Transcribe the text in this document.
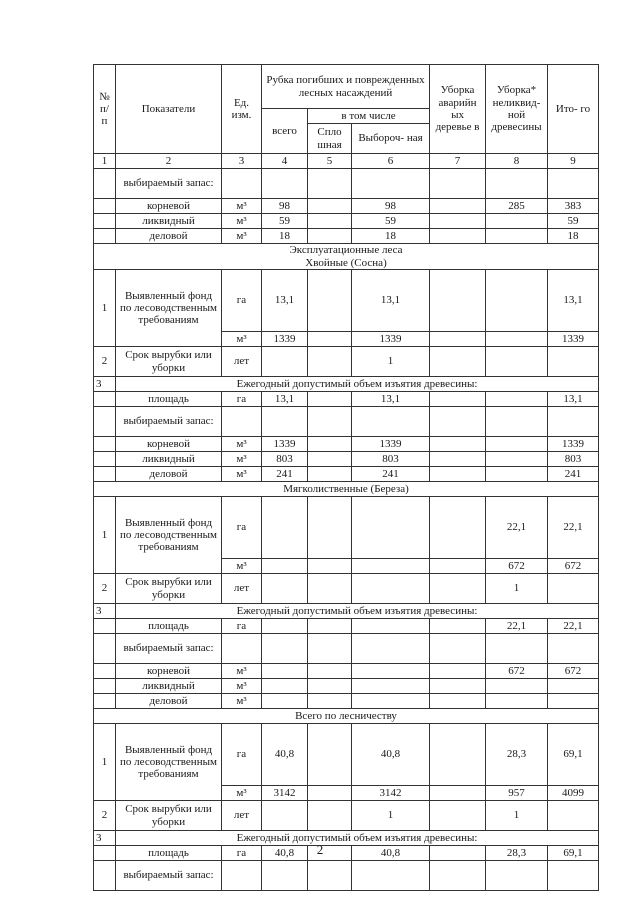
№ п/ п	Показатели	Ед. изм.	Рубка погибших и поврежденных лесных насаждений			Уборка аварийн ых деревье в	Уборка* неликвид- ной древесины	Ито- го
			всего	в том числе				
				Спло шная	Выбороч- ная			
1	2	3	4	5	6	7	8	9
	выбираемый запас:							
	корневой	м³	98		98		285	383
	ликвидный	м³	59		59			59
	деловой	м³	18		18			18

Эксплуатационные леса
Хвойные (Сосна)								

1	Выявленный фонд по лесоводственным требованиям	га	13,1		13,1			13,1
		м³	1339		1339			1339
2	Срок вырубки или уборки	лет			1			
3	Ежегодный допустимый объем изъятия древесины:							
	площадь	га	13,1		13,1			13,1
	выбираемый запас:							
	корневой	м³	1339		1339			1339
	ликвидный	м³	803		803			803
	деловой	м³	241		241			241

Мягколиственные (Береза)								

1	Выявленный фонд по лесоводственным требованиям	га					22,1	22,1
		м³					672	672
2	Срок вырубки или уборки	лет					1	
3	Ежегодный допустимый объем изъятия древесины:							
	площадь	га					22,1	22,1
	выбираемый запас:							
	корневой	м³					672	672
	ликвидный	м³						
	деловой	м³						

Всего по лесничеству								

1	Выявленный фонд по лесоводственным требованиям	га	40,8		40,8		28,3	69,1
		м³	3142		3142		957	4099
2	Срок вырубки или уборки	лет			1		1	
3	Ежегодный допустимый объем изъятия древесины:							
	площадь	га	40,8		40,8		28,3	69,1
	выбираемый запас:							
2
